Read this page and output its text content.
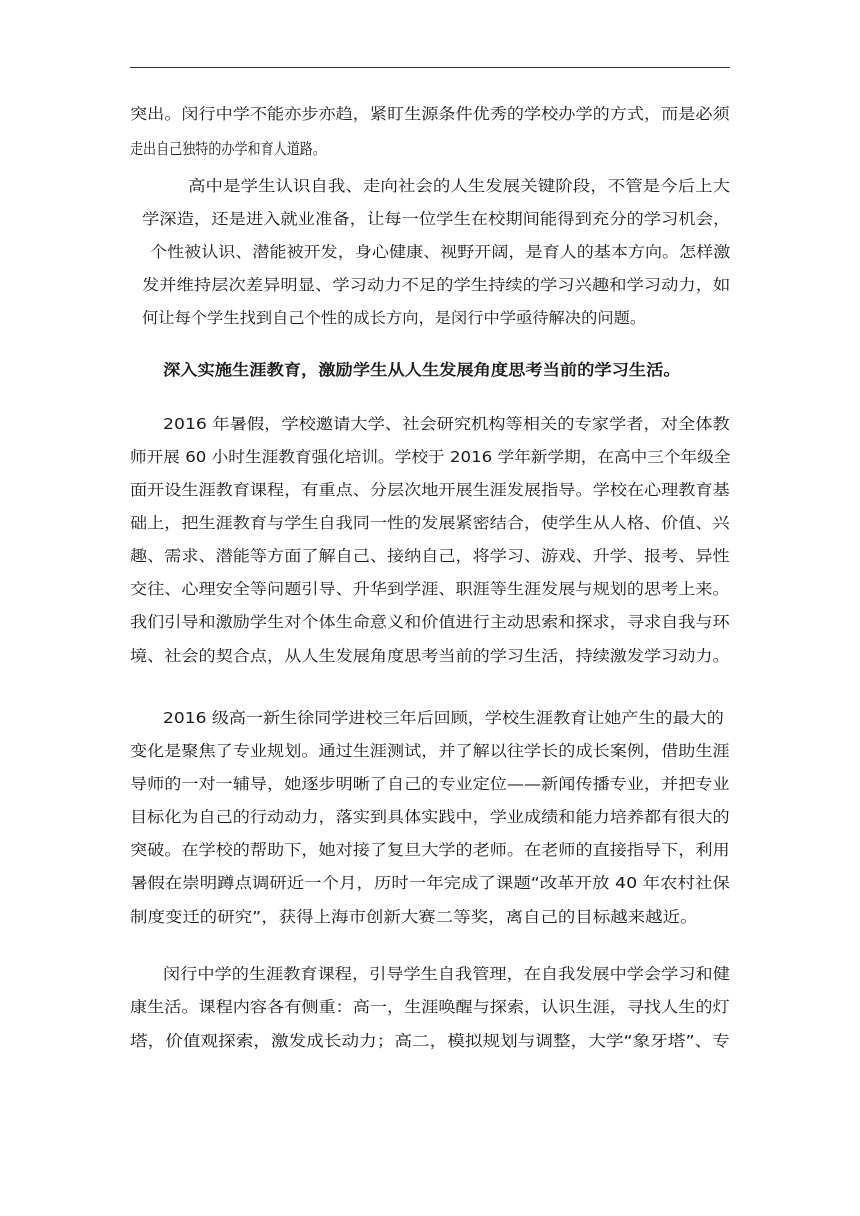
突出。闵行中学不能亦步亦趋，紧盯生源条件优秀的学校办学的方式，而是必须
走出自己独特的办学和育人道路。
高中是学生认识自我、走向社会的人生发展关键阶段，不管是今后上大
学深造，还是进入就业准备，让每一位学生在校期间能得到充分的学习机会，
个性被认识、潜能被开发，身心健康、视野开阔，是育人的基本方向。怎样激
发并维持层次差异明显、学习动力不足的学生持续的学习兴趣和学习动力，如
何让每个学生找到自己个性的成长方向，是闵行中学亟待解决的问题。
深入实施生涯教育，激励学生从人生发展角度思考当前的学习生活。
2016 年暑假，学校邀请大学、社会研究机构等相关的专家学者，对全体教
师开展 60 小时生涯教育强化培训。学校于 2016 学年新学期，在高中三个年级全
面开设生涯教育课程，有重点、分层次地开展生涯发展指导。学校在心理教育基
础上，把生涯教育与学生自我同一性的发展紧密结合，使学生从人格、价值、兴
趣、需求、潜能等方面了解自己、接纳自己，将学习、游戏、升学、报考、异性
交往、心理安全等问题引导、升华到学涯、职涯等生涯发展与规划的思考上来。
我们引导和激励学生对个体生命意义和价值进行主动思索和探求，寻求自我与环
境、社会的契合点，从人生发展角度思考当前的学习生活，持续激发学习动力。
2016 级高一新生徐同学进校三年后回顾，学校生涯教育让她产生的最大的
变化是聚焦了专业规划。通过生涯测试，并了解以往学长的成长案例，借助生涯
导师的一对一辅导，她逐步明晰了自己的专业定位——新闻传播专业，并把专业
目标化为自己的行动动力，落实到具体实践中，学业成绩和能力培养都有很大的
突破。在学校的帮助下，她对接了复旦大学的老师。在老师的直接指导下，利用
暑假在崇明蹲点调研近一个月，历时一年完成了课题“改革开放 40 年农村社保
制度变迁的研究”，获得上海市创新大赛二等奖，离自己的目标越来越近。
闵行中学的生涯教育课程，引导学生自我管理，在自我发展中学会学习和健
康生活。课程内容各有侧重：高一，生涯唤醒与探索，认识生涯，寻找人生的灯
塔，价值观探索，激发成长动力；高二，模拟规划与调整，大学“象牙塔”、专
